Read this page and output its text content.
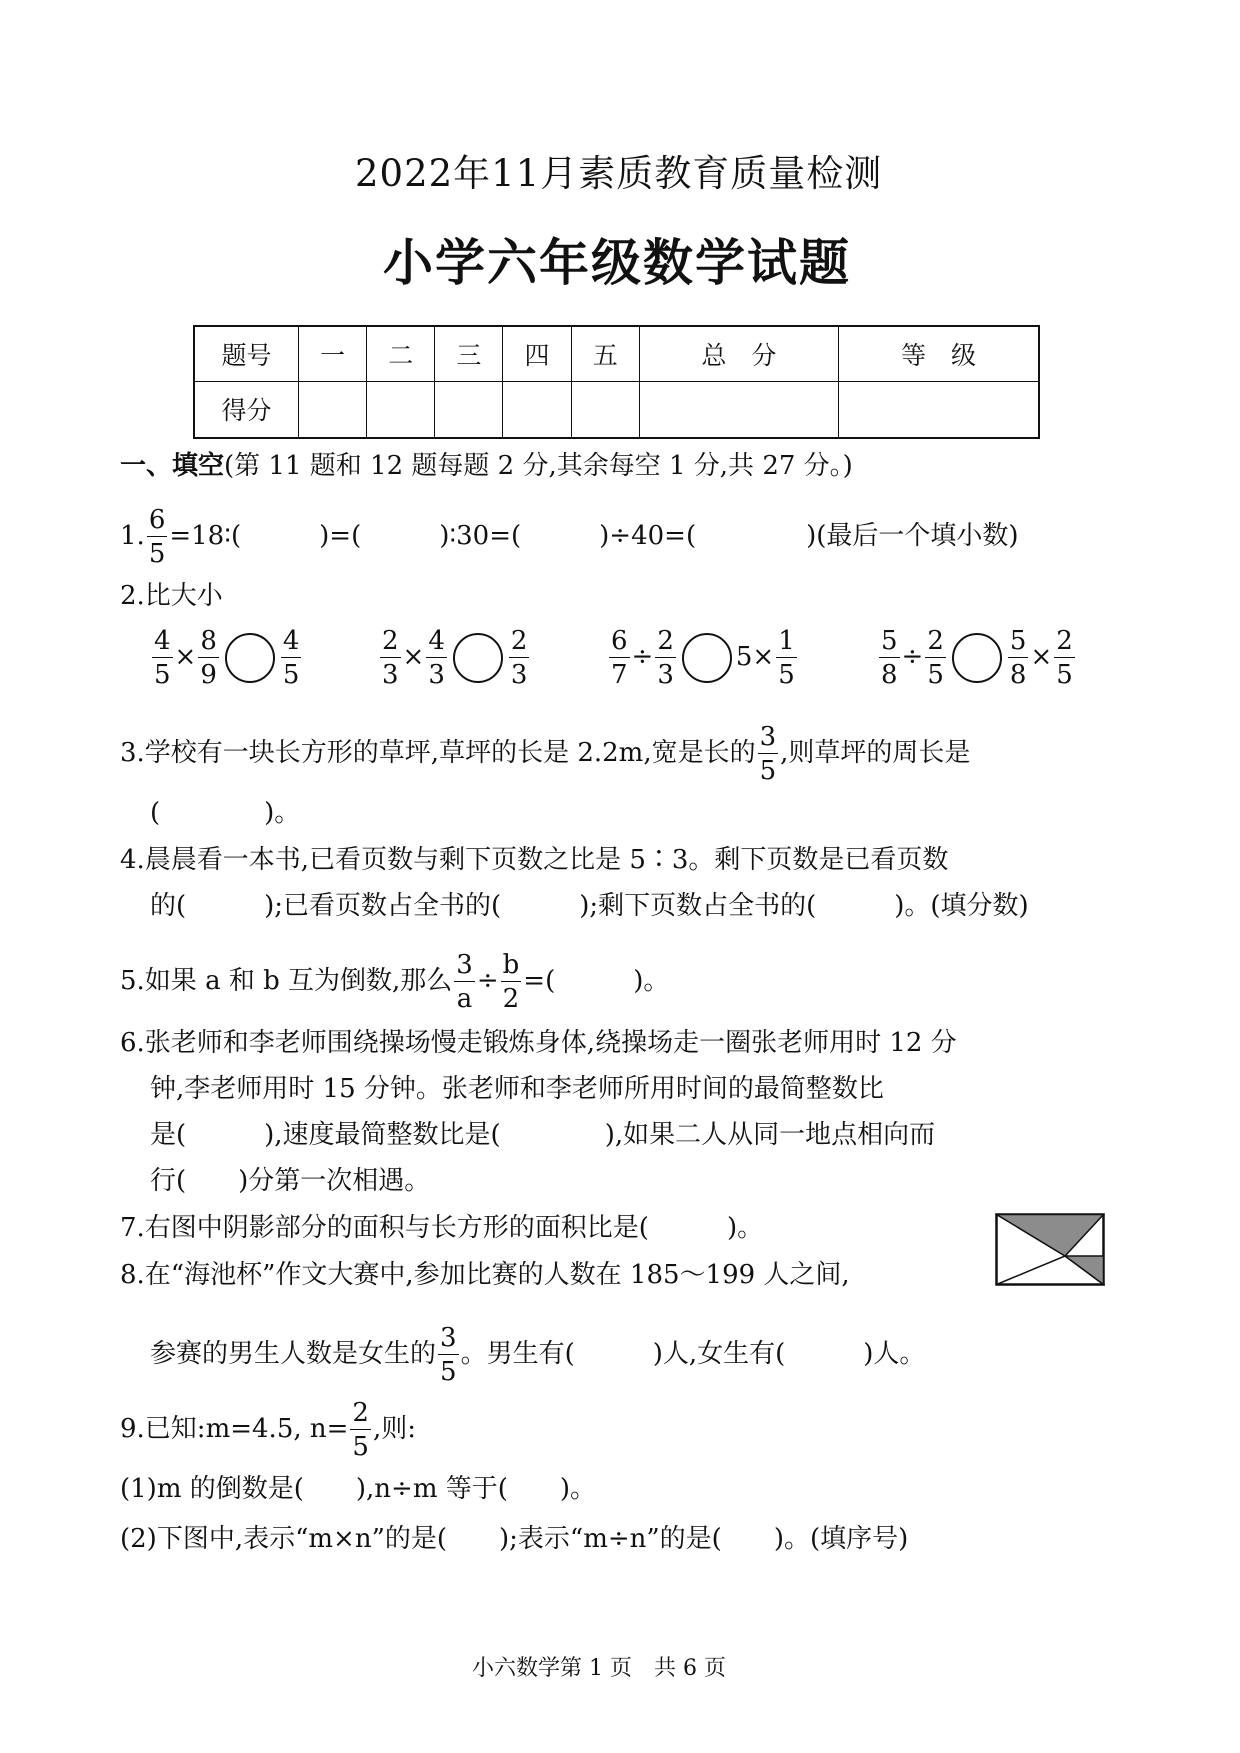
2022年11月素质教育质量检测
小学六年级数学试题
题号	一	二	三	四	五	总　分	等　级
得分							
一、填空(第 11 题和 12 题每题 2 分,其余每空 1 分,共 27 分。)
1. $\frac{6}{5}$ =18∶(	)=(	)∶30=(	)÷40=(	)(最后一个填小数)
2.比大小
$\frac{4}{5} \times \frac{8}{9} \frac{4}{5}$	$\frac{2}{3} \times \frac{4}{3} \frac{2}{3}$	$\frac{6}{7} \div \frac{2}{3} 5\times \frac{1}{5}$	$\frac{5}{8} \div \frac{2}{5} \frac{5}{8} \times \frac{2}{5}$
3.学校有一块长方形的草坪,草坪的长是 2.2m,宽是长的 $\frac{3}{5}$ ,则草坪的周长是
(　　　　)。
4.晨晨看一本书,已看页数与剩下页数之比是 5∶3。剩下页数是已看页数
的(　　　);已看页数占全书的(　　　);剩下页数占全书的(　　　)。(填分数)
5.如果 a 和 b 互为倒数,那么 $\frac{3}{a} \div \frac{b}{2}$ =(　　　)。
6.张老师和李老师围绕操场慢走锻炼身体,绕操场走一圈张老师用时 12 分
钟,李老师用时 15 分钟。张老师和李老师所用时间的最简整数比
是(　　　),速度最简整数比是(　　　　),如果二人从同一地点相向而
行(　　)分第一次相遇。
7.右图中阴影部分的面积与长方形的面积比是(　　　)。
8.在“海池杯”作文大赛中,参加比赛的人数在 185～199 人之间,
参赛的男生人数是女生的 $\frac{3}{5}$ 。男生有(　　　)人,女生有(　　　)人。
9.已知:m=4.5, $n= \frac{2}{5}$ ,则:
(1)m 的倒数是(　　),n÷m 等于(　　)。
(2)下图中,表示“m×n”的是(　　);表示“m÷n”的是(　　)。(填序号)
小六数学第 1 页　共 6 页
